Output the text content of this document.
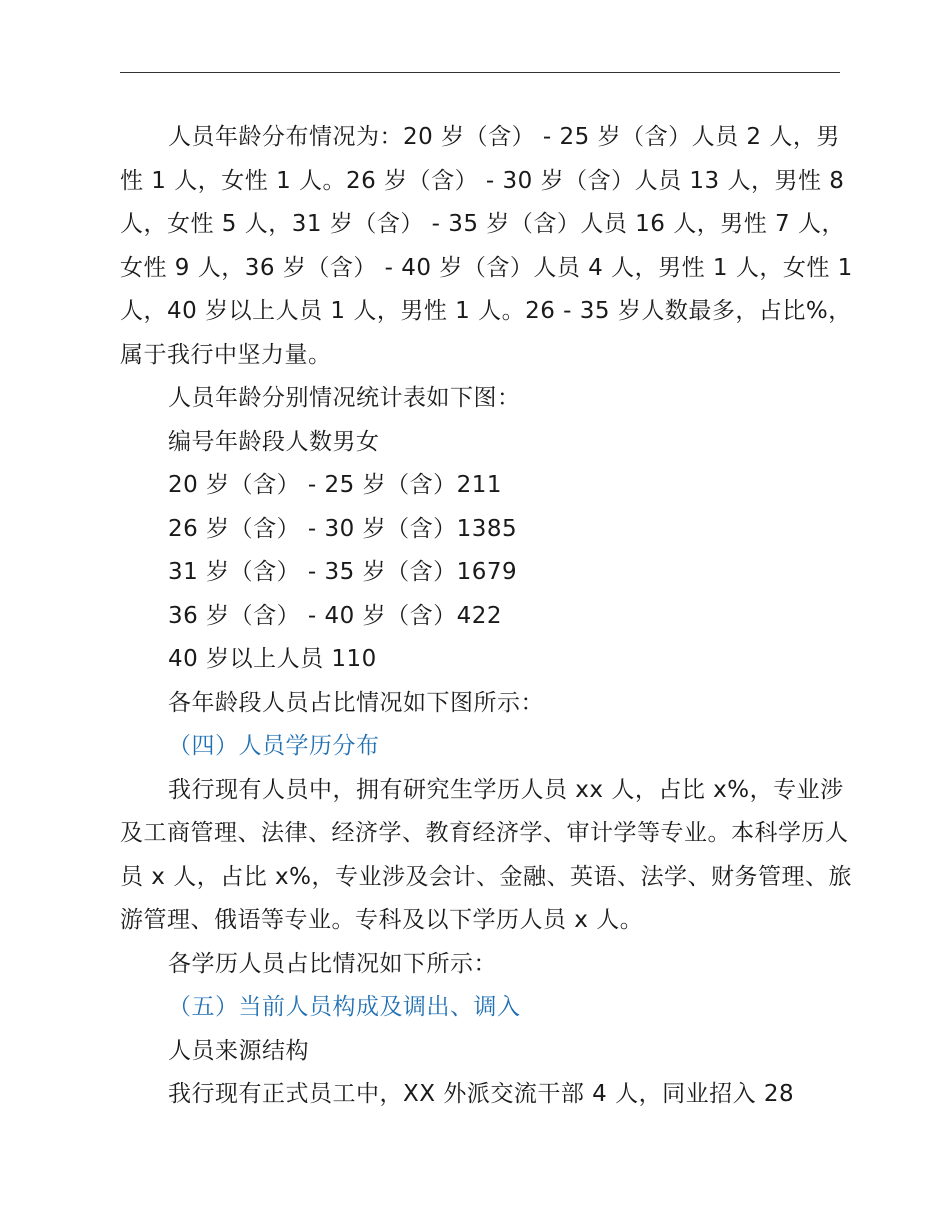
人员年龄分布情况为：20 岁（含） - 25 岁（含）人员 2 人，男性 1 人，女性 1 人。26 岁（含） - 30 岁（含）人员 13 人，男性 8 人，女性 5 人，31 岁（含） - 35 岁（含）人员 16 人，男性 7 人，女性 9 人，36 岁（含） - 40 岁（含）人员 4 人，男性 1 人，女性 1 人，40 岁以上人员 1 人，男性 1 人。26 - 35 岁人数最多，占比%，属于我行中坚力量。

人员年龄分别情况统计表如下图：

编号年龄段人数男女

20 岁（含） - 25 岁（含）211

26 岁（含） - 30 岁（含）1385

31 岁（含） - 35 岁（含）1679

36 岁（含） - 40 岁（含）422

40 岁以上人员 110

各年龄段人员占比情况如下图所示：

（四）人员学历分布

我行现有人员中，拥有研究生学历人员 xx 人，占比 x%，专业涉及工商管理、法律、经济学、教育经济学、审计学等专业。本科学历人员 x 人，占比 x%，专业涉及会计、金融、英语、法学、财务管理、旅游管理、俄语等专业。专科及以下学历人员 x 人。

各学历人员占比情况如下所示：

（五）当前人员构成及调出、调入

人员来源结构

我行现有正式员工中，XX 外派交流干部 4 人，同业招入 28
